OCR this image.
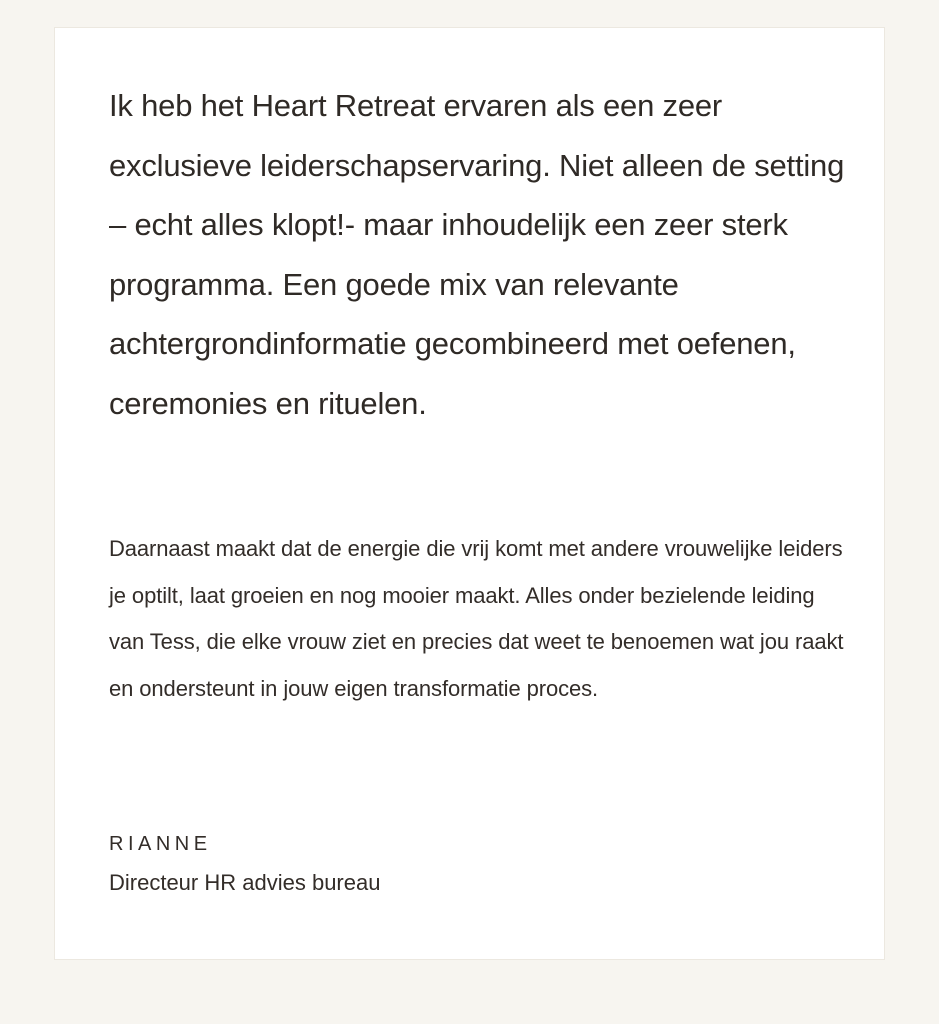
Ik heb het Heart Retreat ervaren als een zeer exclusieve leiderschapservaring. Niet alleen de setting – echt alles klopt!- maar inhoudelijk een zeer sterk programma. Een goede mix van relevante achtergrondinformatie gecombineerd met oefenen, ceremonies en rituelen.

Daarnaast maakt dat de energie die vrij komt met andere vrouwelijke leiders je optilt, laat groeien en nog mooier maakt. Alles onder bezielende leiding van Tess, die elke vrouw ziet en precies dat weet te benoemen wat jou raakt en ondersteunt in jouw eigen transformatie proces.

RIANNE

Directeur HR advies bureau
